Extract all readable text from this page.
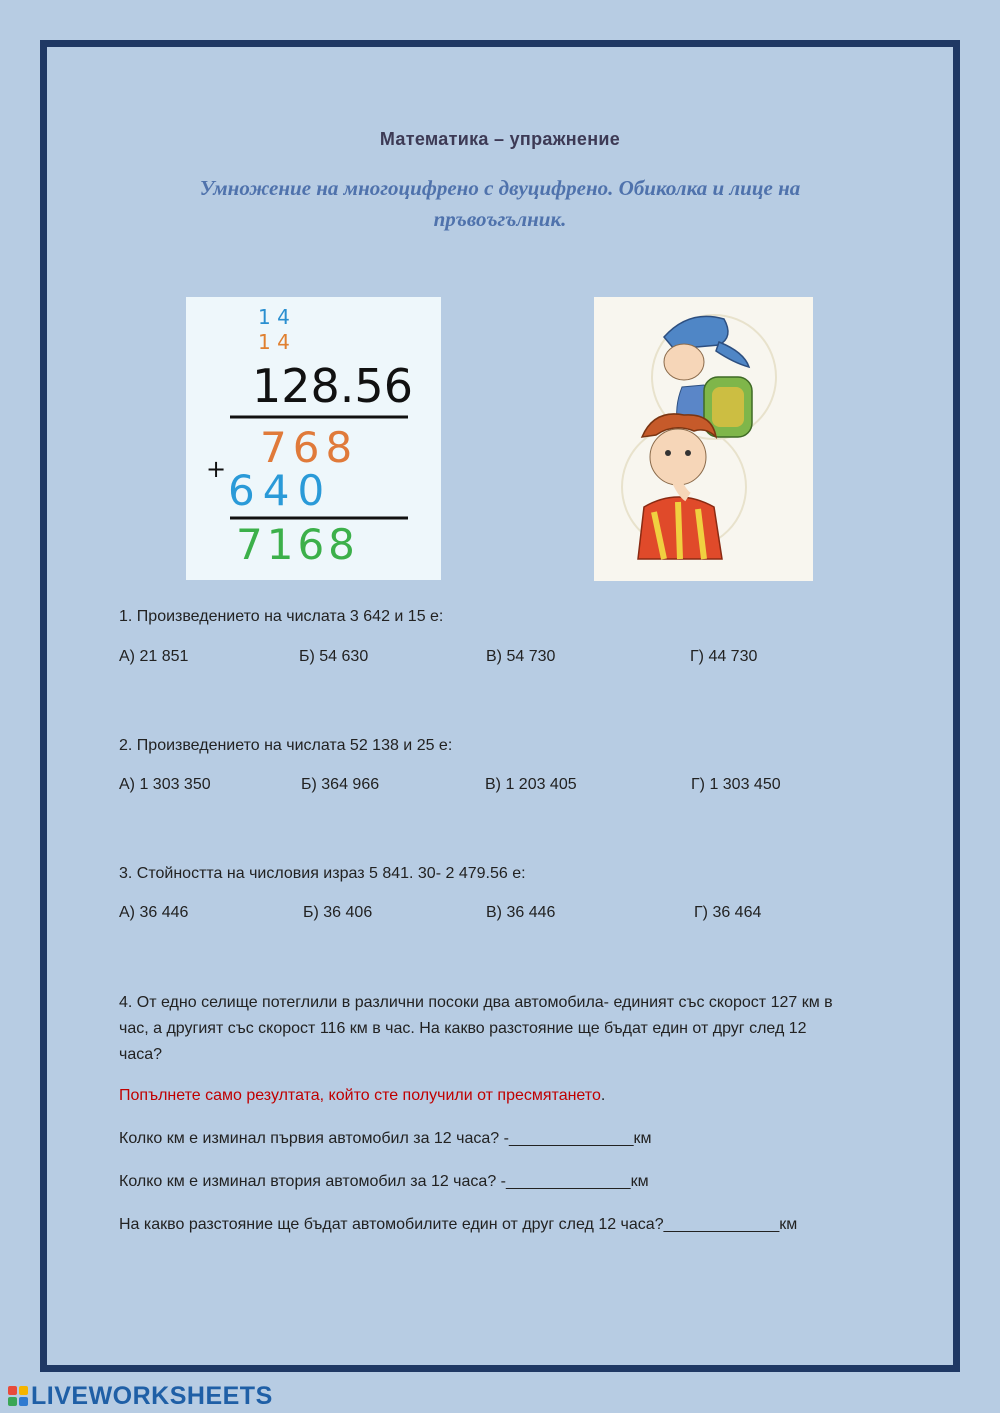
Математика – упражнение
Умножение на многоцифрено с двуцифрено. Обиколка и лице на пръвоъгълник.
1 4
1 4
128.56
768
+ 640
7168
1. Произведението на числата 3 642 и 15 е:
А) 21 851	Б) 54 630	В) 54 730	Г) 44 730
2. Произведението на числата 52 138 и 25 е:
А) 1 303 350	Б) 364 966	В) 1 203 405	Г) 1 303 450
3. Стойността на числовия израз 5 841. 30- 2 479.56 е:
А) 36 446	Б) 36 406	В) 36 446	Г) 36 464
4. От едно селище потеглили в различни посоки два автомобила- единият със скорост 127 км в
час, а другият със скорост 116 км в час. На какво разстояние ще бъдат един от друг след 12
часа?
Попълнете само резултата, който сте получили от пресмятането.
Колко км е изминал първия автомобил за 12 часа? -______________км
Колко км е изминал втория автомобил за 12 часа? -______________км
На какво разстояние ще бъдат автомобилите един от друг след 12 часа?_____________км
LIVEWORKSHEETS
